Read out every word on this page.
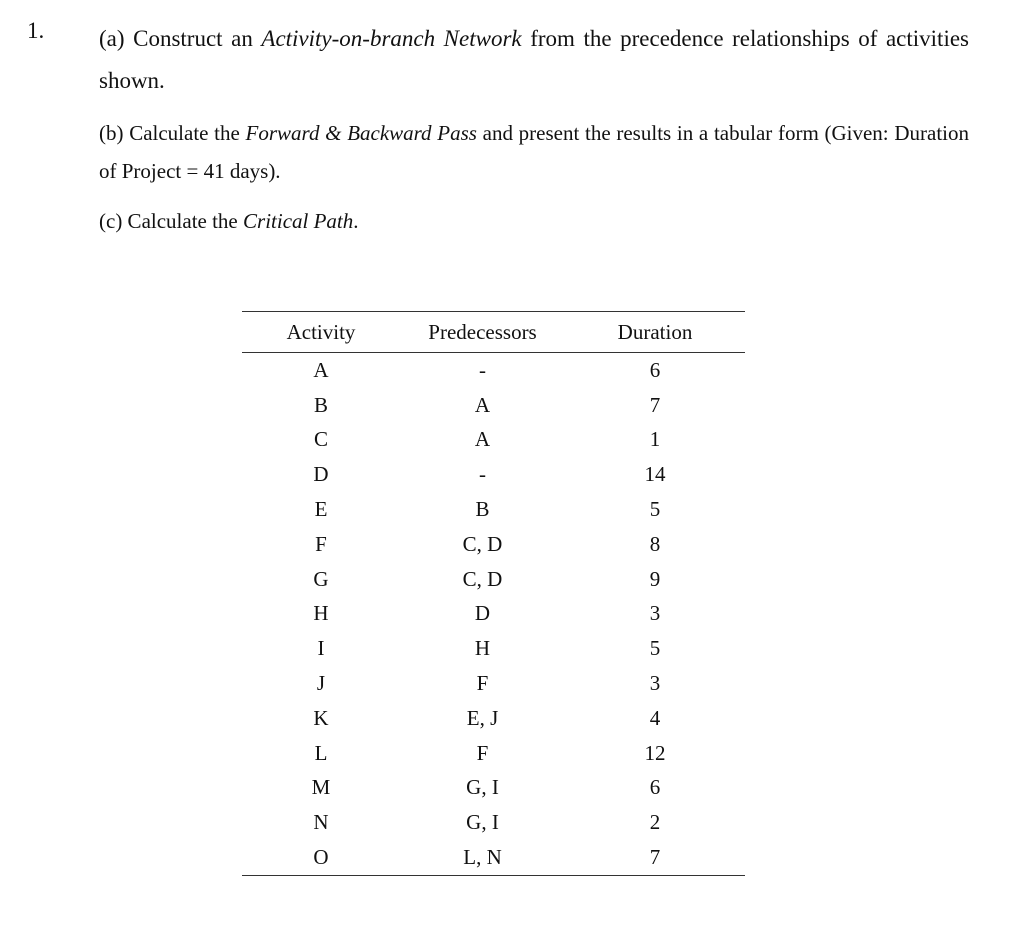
1. (a) Construct an Activity-on-branch Network from the precedence relationships of activities shown.
(b) Calculate the Forward & Backward Pass and present the results in a tabular form (Given: Duration of Project = 41 days).
(c) Calculate the Critical Path.
Activity	Predecessors	Duration
A	-	6
B	A	7
C	A	1
D	-	14
E	B	5
F	C, D	8
G	C, D	9
H	D	3
I	H	5
J	F	3
K	E, J	4
L	F	12
M	G, I	6
N	G, I	2
O	L, N	7
